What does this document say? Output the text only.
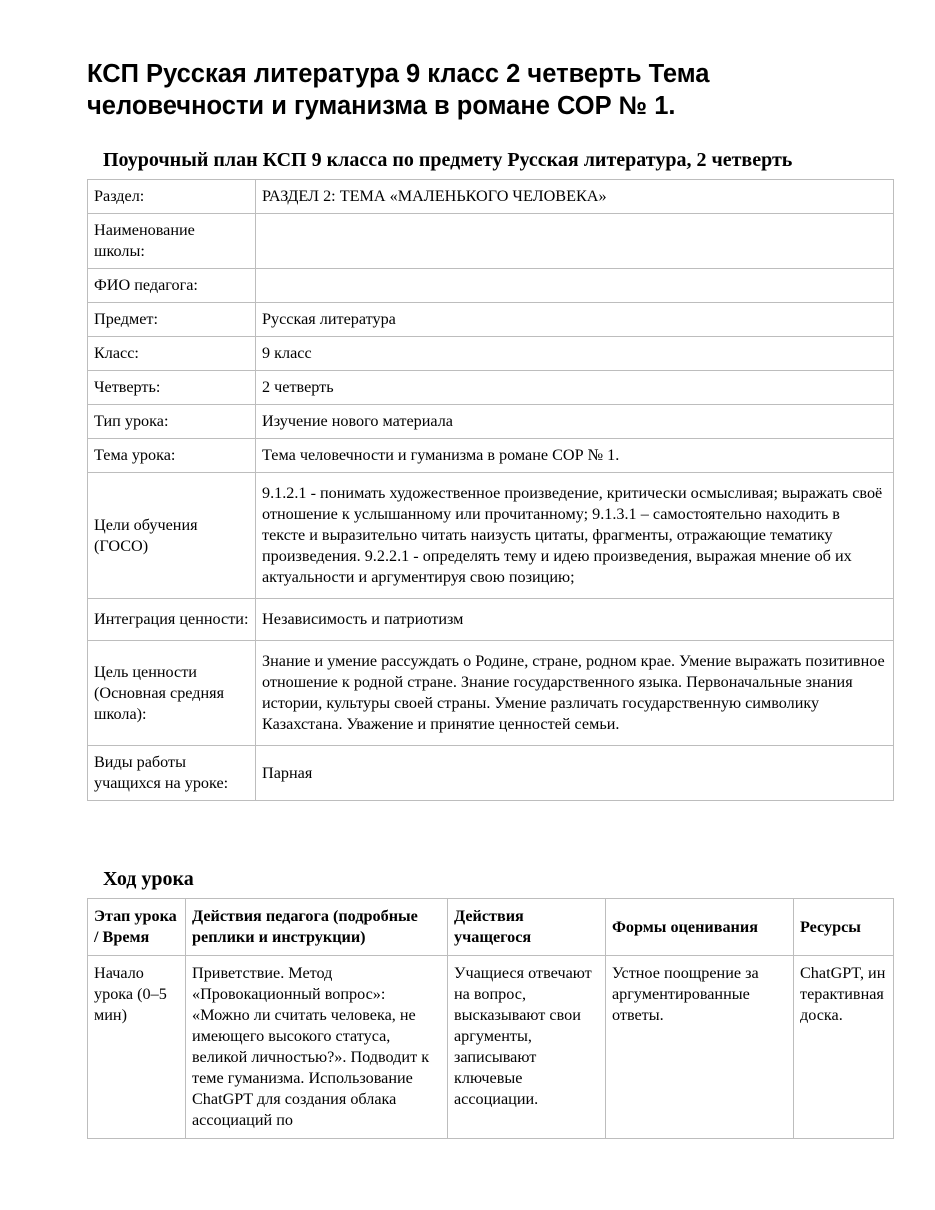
КСП Русская литература 9 класс 2 четверть Тема человечности и гуманизма в романе СОР № 1.
Поурочный план КСП 9 класса по предмету Русская литература, 2 четверть
Раздел:	РАЗДЕЛ 2: ТЕМА «МАЛЕНЬКОГО ЧЕЛОВЕКА»
Наименование школы:	
ФИО педагога:	
Предмет:	Русская литература
Класс:	9 класс
Четверть:	2 четверть
Тип урока:	Изучение нового материала
Тема урока:	Тема человечности и гуманизма в романе СОР № 1.
Цели обучения (ГОСО)	9.1.2.1 - понимать художественное произведение, критически осмысливая; выражать своё отношение к услышанному или прочитанному; 9.1.3.1 – самостоятельно находить в тексте и выразительно читать наизусть цитаты, фрагменты, отражающие тематику произведения. 9.2.2.1 - определять тему и идею произведения, выражая мнение об их актуальности и аргументируя свою позицию;
Интеграция ценности:	Независимость и патриотизм
Цель ценности (Основная средняя школа):	Знание и умение рассуждать о Родине, стране, родном крае. Умение выражать позитивное отношение к родной стране. Знание государственного языка. Первоначальные знания истории, культуры своей страны. Умение различать государственную символику Казахстана. Уважение и принятие ценностей семьи.
Виды работы учащихся на уроке:	Парная
Ход урока
Этап урока / Время	Действия педагога (подробные реплики и инструкции)	Действия учащегося	Формы оценивания	Ресурсы
Начало урока (0–5 мин)	Приветствие. Метод «Провокационный вопрос»: «Можно ли считать человека, не имеющего высокого статуса, великой личностью?». Подводит к теме гуманизма. Использование ChatGPT для создания облака ассоциаций по	Учащиеся отвечают на вопрос, высказывают свои аргументы, записывают ключевые ассоциации.	Устное поощрение за аргументированные ответы.	ChatGPT, интерактивная доска.
